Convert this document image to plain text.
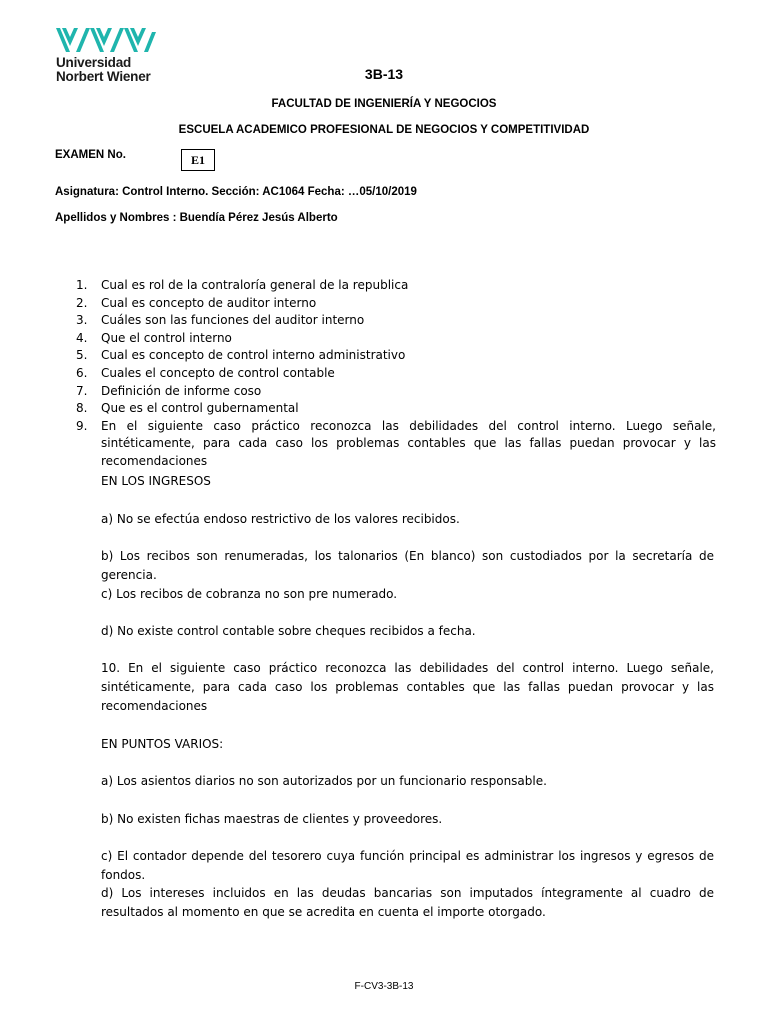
Universidad
Norbert Wiener	3B-13
FACULTAD DE INGENIERÍA Y NEGOCIOS
ESCUELA ACADEMICO PROFESIONAL DE NEGOCIOS Y COMPETITIVIDAD
EXAMEN No.	E1
Asignatura: Control Interno. Sección: AC1064 Fecha: …05/10/2019
Apellidos y Nombres : Buendía Pérez Jesús Alberto
1.	Cual es rol de la contraloría general de la republica
2.	Cual es concepto de auditor interno
3.	Cuáles son las funciones del auditor interno
4.	Que el control interno
5.	Cual es concepto de control interno administrativo
6.	Cuales el concepto de control contable
7.	Definición de informe coso
8.	Que es el control gubernamental
9.	En el siguiente caso práctico reconozca las debilidades del control interno. Luego señale, sintéticamente, para cada caso los problemas contables que las fallas puedan provocar y las recomendaciones
EN LOS INGRESOS
a) No se efectúa endoso restrictivo de los valores recibidos.
b) Los recibos son renumeradas, los talonarios (En blanco) son custodiados por la secretaría de gerencia.
c) Los recibos de cobranza no son pre numerado.
d) No existe control contable sobre cheques recibidos a fecha.
10. En el siguiente caso práctico reconozca las debilidades del control interno. Luego señale, sintéticamente, para cada caso los problemas contables que las fallas puedan provocar y las recomendaciones
EN PUNTOS VARIOS:
a) Los asientos diarios no son autorizados por un funcionario responsable.
b) No existen fichas maestras de clientes y proveedores.
c) El contador depende del tesorero cuya función principal es administrar los ingresos y egresos de fondos.
d) Los intereses incluidos en las deudas bancarias son imputados íntegramente al cuadro de resultados al momento en que se acredita en cuenta el importe otorgado.
F-CV3-3B-13
